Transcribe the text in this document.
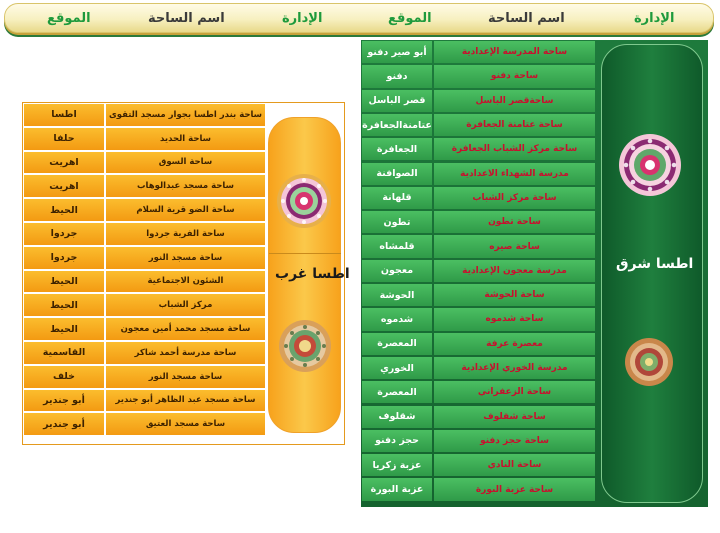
الإدارة
اسم الساحة
الموقع
الإدارة
اسم الساحة
الموقع
اطسا	ساحة بندر اطسا بجوار مسجد التقوى
حلفا	ساحة الحديد
اهريت	ساحة السوق
اهريت	ساحة مسجد عبدالوهاب
الحيط	ساحة الضو قرية السلام
جردوا	ساحة الفرية جردوا
جردوا	ساحة مسجد النور
الحيط	الشئون الاجتماعية
الحيط	مركز الشباب
الحيط	ساحة مسجد محمد أمين معجون
القاسمية	ساحة مدرسة أحمد شاكر
خلف	ساحة مسجد النور
أبو جندير	ساحة مسجد عبد الظاهر أبو جندير
أبو جندير	ساحة مسجد العتيق
اطسا غرب
أبو صير دفنو	ساحة المدرسة الإعدادية
دفنو	ساحة دفنو
قصر الباسل	ساحةقصر الباسل
عتامنةالجعافرة	ساحة عتامنة الجعافرة
الجعافرة	ساحة مركز الشباب الجعافرة
الصوافنة	مدرسة الشهداء الاعدادية
قلهانة	ساحة مركز الشباب
تطون	ساحة تطون
قلمشاه	ساحة صيره
معجون	مدرسة معجون الإعدادية
الحوشة	ساحة الحوشة
شدموه	ساحة شدموه
المعصرة	معصرة عرفة
الخوري	مدرسة الخوري الإعدادية
المعصرة	ساحة الزعفراني
شقلوف	ساحة شقلوف
حجز دفنو	ساحة حجز دفنو
عزبة زكريا	ساحة النادي
عزبة البورة	ساحة عزبة البورة
اطسا شرق
